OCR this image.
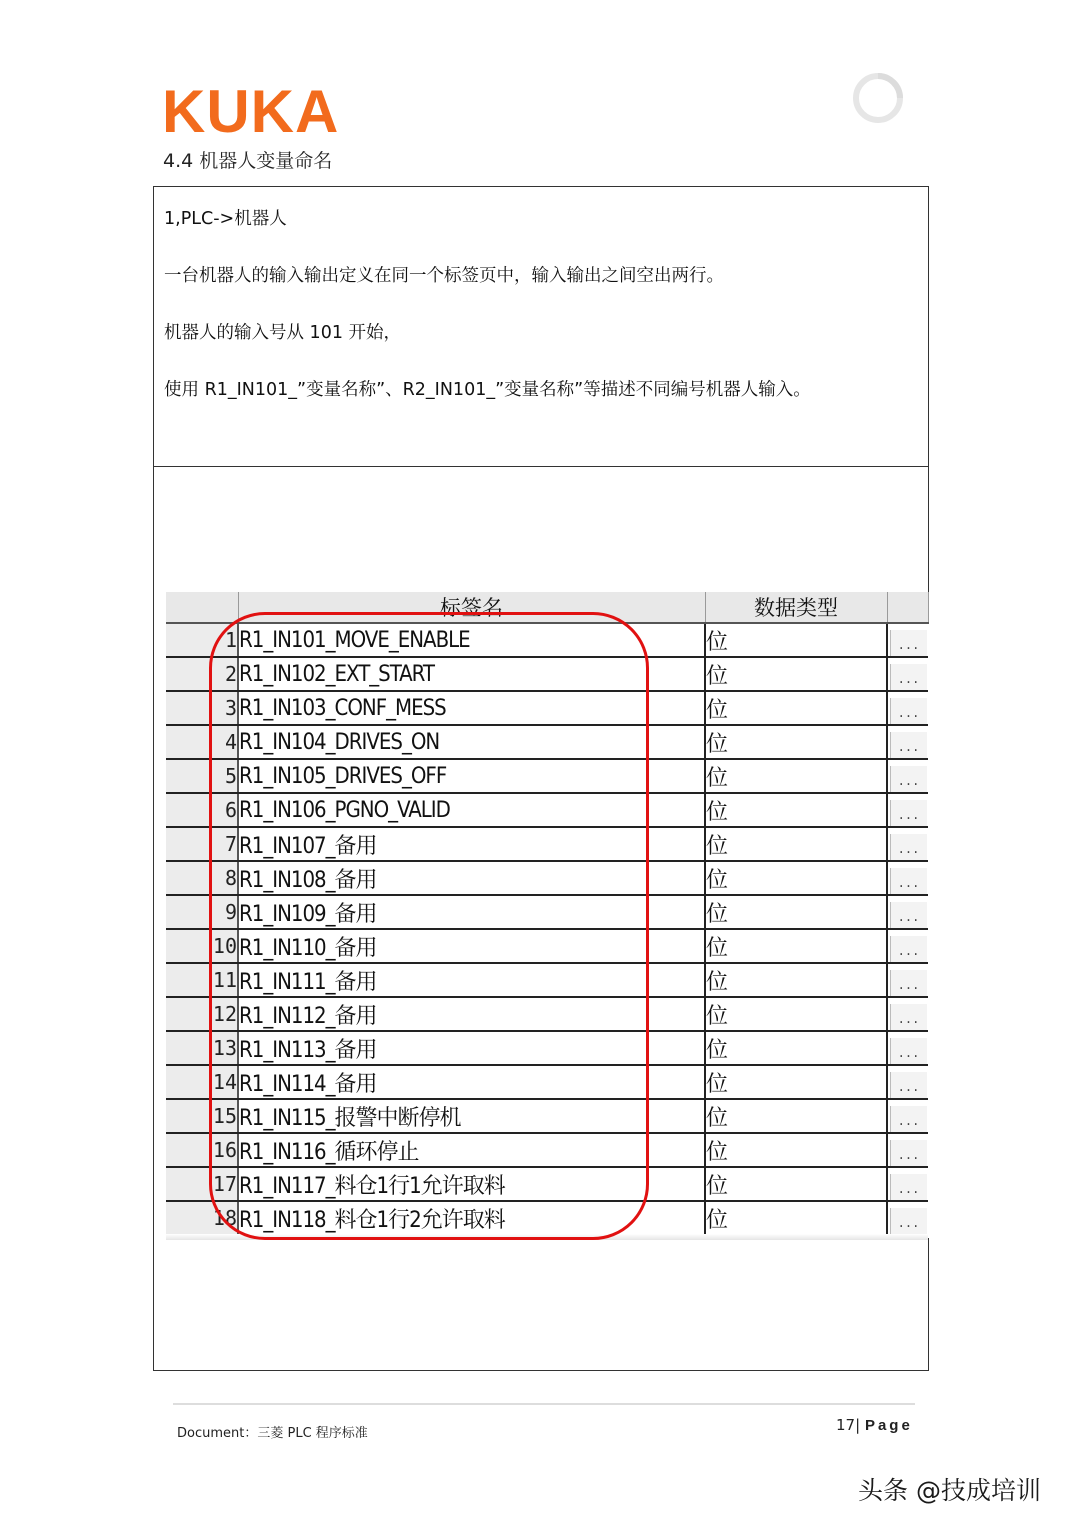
KUKA
4.4 机器人变量命名
1,PLC->机器人
一台机器人的输入输出定义在同一个标签页中，输入输出之间空出两行。
机器人的输入号从 101 开始，
使用 R1_IN101_”变量名称”、R2_IN101_”变量名称”等描述不同编号机器人输入。
	标签名	数据类型	
1	R1_IN101_MOVE_ENABLE	位	...
2	R1_IN102_EXT_START	位	...
3	R1_IN103_CONF_MESS	位	...
4	R1_IN104_DRIVES_ON	位	...
5	R1_IN105_DRIVES_OFF	位	...
6	R1_IN106_PGNO_VALID	位	...
7	R1_IN107_备用	位	...
8	R1_IN108_备用	位	...
9	R1_IN109_备用	位	...
10	R1_IN110_备用	位	...
11	R1_IN111_备用	位	...
12	R1_IN112_备用	位	...
13	R1_IN113_备用	位	...
14	R1_IN114_备用	位	...
15	R1_IN115_报警中断停机	位	...
16	R1_IN116_循环停止	位	...
17	R1_IN117_料仓1行1允许取料	位	...
18	R1_IN118_料仓1行2允许取料	位	...
Document：三菱 PLC 程序标准	17| Page
头条 @技成培训
